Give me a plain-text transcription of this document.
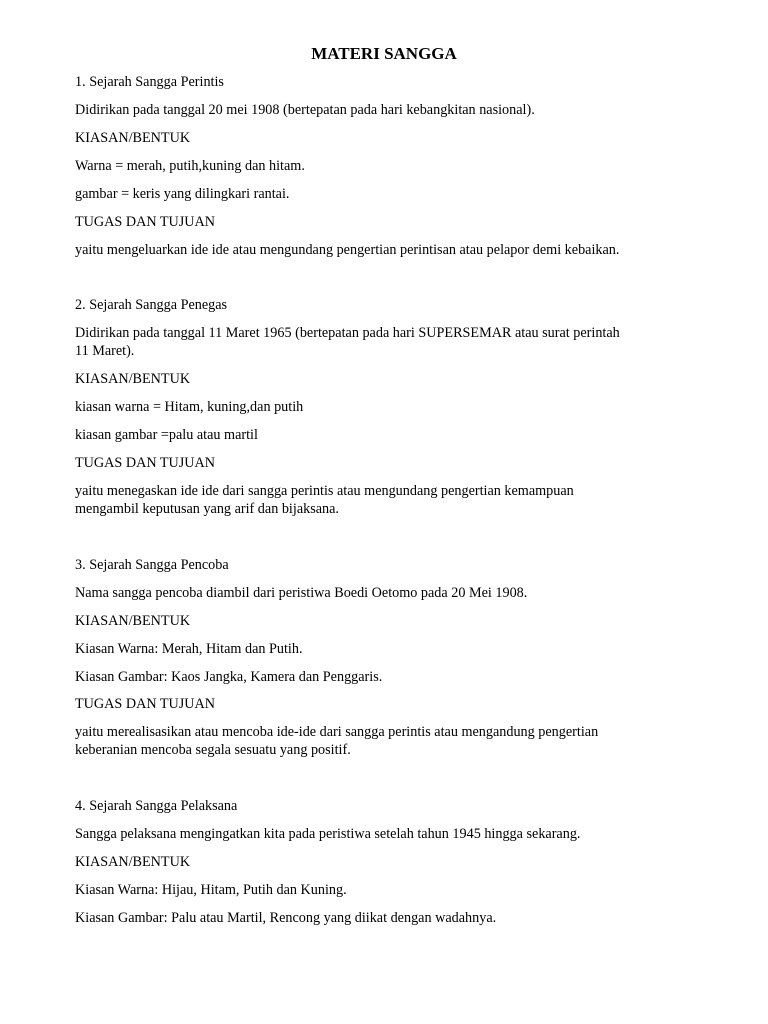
MATERI SANGGA

1. Sejarah Sangga Perintis

Didirikan pada tanggal 20 mei 1908 (bertepatan pada hari kebangkitan nasional).

KIASAN/BENTUK

Warna = merah, putih,kuning dan hitam.

gambar = keris yang dilingkari rantai.

TUGAS DAN TUJUAN

yaitu mengeluarkan ide ide atau mengundang pengertian perintisan atau pelapor demi kebaikan.

2. Sejarah Sangga Penegas

Didirikan pada tanggal 11 Maret 1965 (bertepatan pada hari SUPERSEMAR atau surat perintah

11 Maret).

KIASAN/BENTUK

kiasan warna = Hitam, kuning,dan putih

kiasan gambar =palu atau martil

TUGAS DAN TUJUAN

yaitu menegaskan ide ide dari sangga perintis atau mengundang pengertian kemampuan

mengambil keputusan yang arif dan bijaksana.

3. Sejarah Sangga Pencoba

Nama sangga pencoba diambil dari peristiwa Boedi Oetomo pada 20 Mei 1908.

KIASAN/BENTUK

Kiasan Warna: Merah, Hitam dan Putih.

Kiasan Gambar: Kaos Jangka, Kamera dan Penggaris.

TUGAS DAN TUJUAN

yaitu merealisasikan atau mencoba ide-ide dari sangga perintis atau mengandung pengertian

keberanian mencoba segala sesuatu yang positif.

4. Sejarah Sangga Pelaksana

Sangga pelaksana mengingatkan kita pada peristiwa setelah tahun 1945 hingga sekarang.

KIASAN/BENTUK

Kiasan Warna: Hijau, Hitam, Putih dan Kuning.

Kiasan Gambar: Palu atau Martil, Rencong yang diikat dengan wadahnya.
